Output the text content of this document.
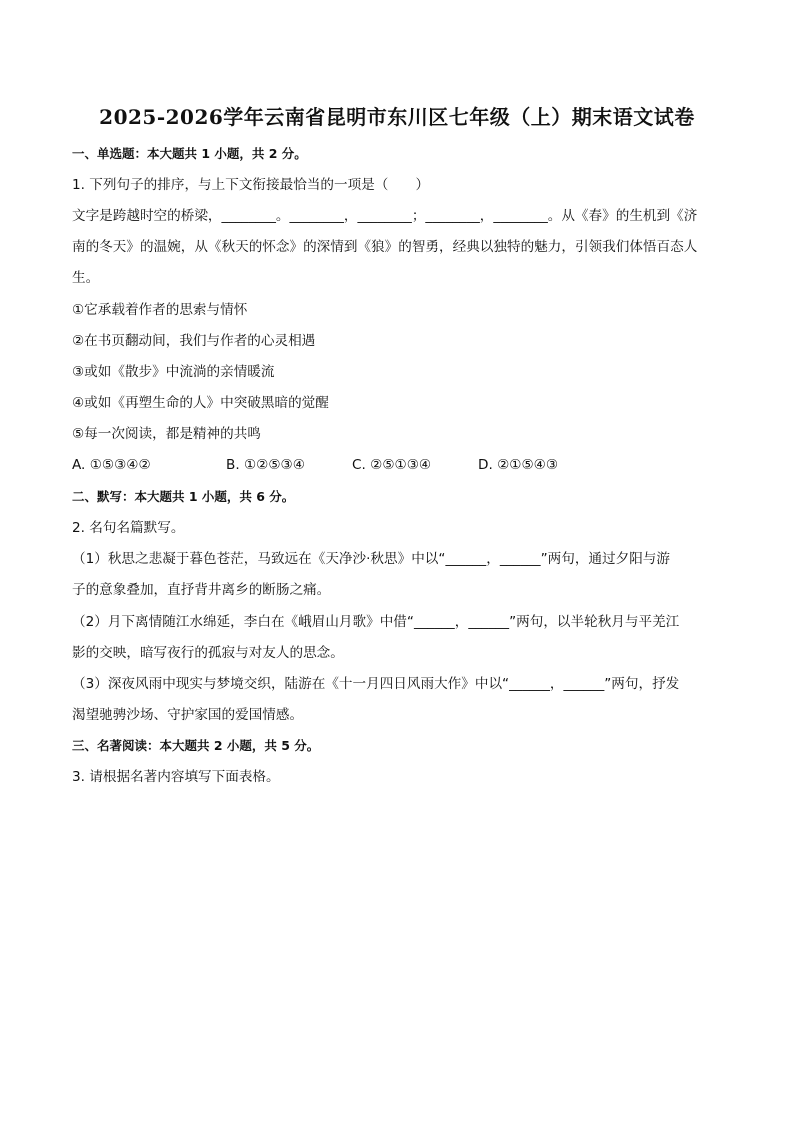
2025-2026学年云南省昆明市东川区七年级（上）期末语文试卷
一、单选题：本大题共 1 小题，共 2 分。
1. 下列句子的排序，与上下文衔接最恰当的一项是（　　）
文字是跨越时空的桥梁，________。________，________；________，________。从《春》的生机到《济
南的冬天》的温婉，从《秋天的怀念》的深情到《狼》的智勇，经典以独特的魅力，引领我们体悟百态人
生。
①它承载着作者的思索与情怀
②在书页翻动间，我们与作者的心灵相遇
③或如《散步》中流淌的亲情暖流
④或如《再塑生命的人》中突破黑暗的觉醒
⑤每一次阅读，都是精神的共鸣
A. ①⑤③④②	B. ①②⑤③④	C. ②⑤①③④	D. ②①⑤④③
二、默写：本大题共 1 小题，共 6 分。
2. 名句名篇默写。
（1）秋思之悲凝于暮色苍茫，马致远在《天净沙·秋思》中以“______，______”两句，通过夕阳与游
子的意象叠加，直抒背井离乡的断肠之痛。
（2）月下离情随江水绵延，李白在《峨眉山月歌》中借“______，______”两句，以半轮秋月与平羌江
影的交映，暗写夜行的孤寂与对友人的思念。
（3）深夜风雨中现实与梦境交织，陆游在《十一月四日风雨大作》中以“______，______”两句，抒发
渴望驰骋沙场、守护家国的爱国情感。
三、名著阅读：本大题共 2 小题，共 5 分。
3. 请根据名著内容填写下面表格。
